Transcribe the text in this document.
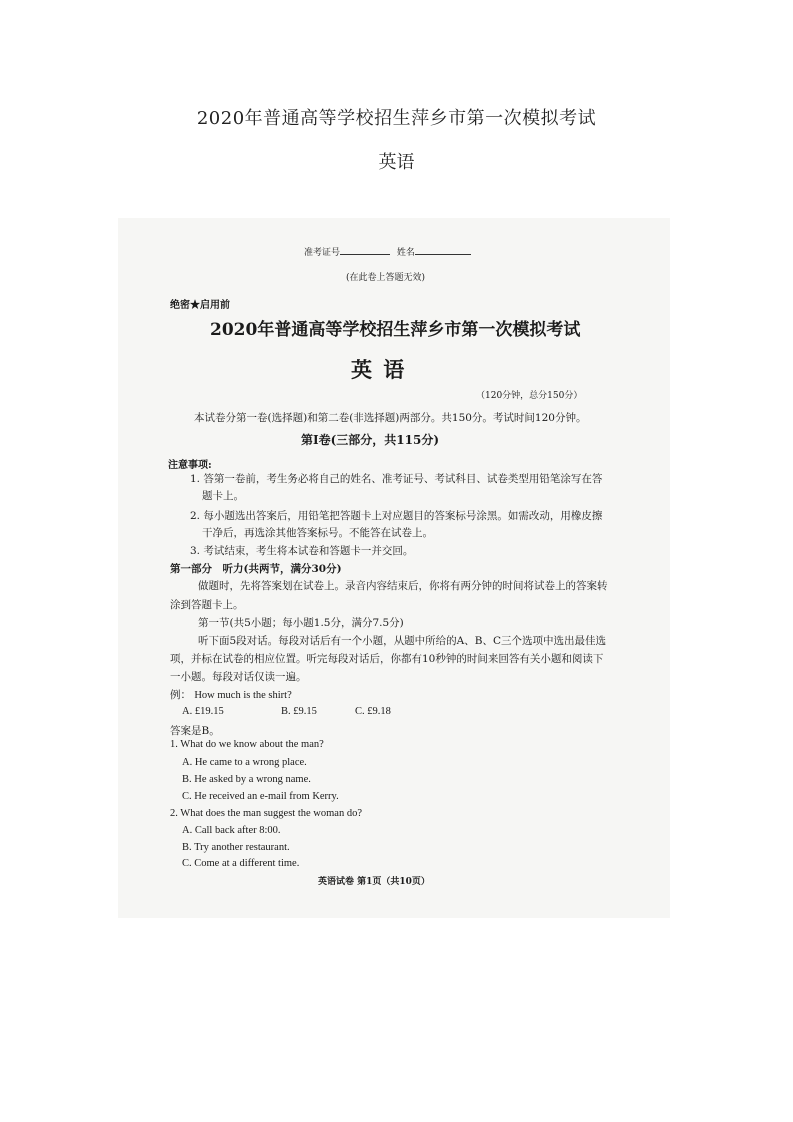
2020年普通高等学校招生萍乡市第一次模拟考试
英语
准考证号	姓名
(在此卷上答题无效)
绝密★启用前
2020年普通高等学校招生萍乡市第一次模拟考试
英 语
（120分钟，总分150分）
本试卷分第一卷(选择题)和第二卷(非选择题)两部分。共150分。考试时间120分钟。
第Ⅰ卷(三部分，共115分)
注意事项:
1. 答第一卷前，考生务必将自己的姓名、准考证号、考试科目、试卷类型用铅笔涂写在答
题卡上。
2. 每小题选出答案后，用铅笔把答题卡上对应题目的答案标号涂黑。如需改动，用橡皮擦
干净后，再选涂其他答案标号。不能答在试卷上。
3. 考试结束，考生将本试卷和答题卡一并交回。
第一部分　听力(共两节，满分30分)
做题时，先将答案划在试卷上。录音内容结束后，你将有两分钟的时间将试卷上的答案转
涂到答题卡上。
第一节(共5小题；每小题1.5分，满分7.5分)
听下面5段对话。每段对话后有一个小题，从题中所给的A、B、C三个选项中选出最佳选
项，并标在试卷的相应位置。听完每段对话后，你都有10秒钟的时间来回答有关小题和阅读下
一小题。每段对话仅读一遍。
例： How much is the shirt?
A. £19.15	B. £9.15	C. £9.18
答案是B。
1. What do we know about the man?
A. He came to a wrong place.
B. He asked by a wrong name.
C. He received an e-mail from Kerry.
2. What does the man suggest the woman do?
A. Call back after 8:00.
B. Try another restaurant.
C. Come at a different time.
英语试卷 第1页（共10页）
